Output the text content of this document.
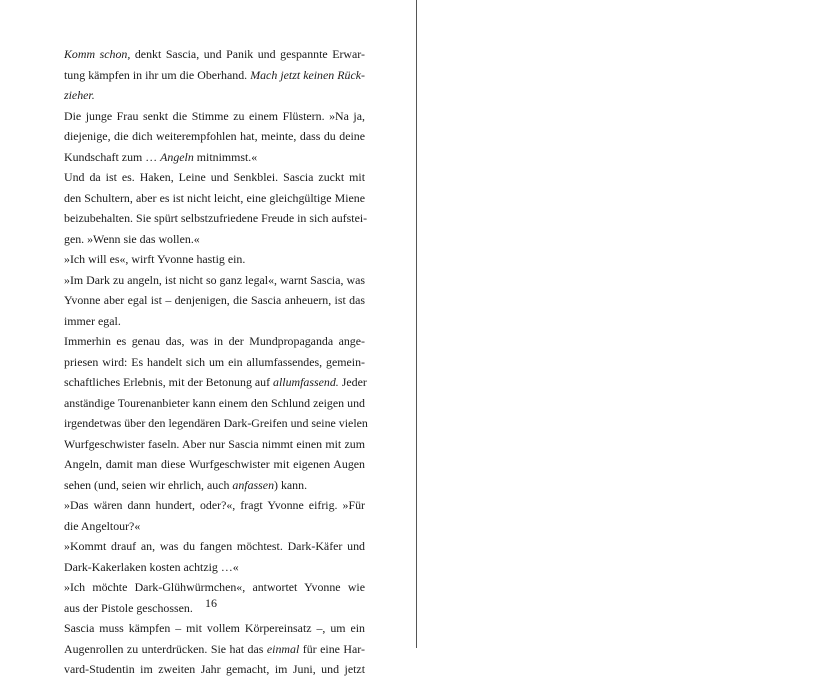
Komm schon, denkt Sascia, und Panik und gespannte Erwar-
tung kämpfen in ihr um die Oberhand. Mach jetzt keinen Rück-
zieher.
Die junge Frau senkt die Stimme zu einem Flüstern. »Na ja,
diejenige, die dich weiterempfohlen hat, meinte, dass du deine
Kundschaft zum … Angeln mitnimmst.«
Und da ist es. Haken, Leine und Senkblei. Sascia zuckt mit
den Schultern, aber es ist nicht leicht, eine gleichgültige Miene
beizubehalten. Sie spürt selbstzufriedene Freude in sich aufstei-
gen. »Wenn sie das wollen.«
»Ich will es«, wirft Yvonne hastig ein.
»Im Dark zu angeln, ist nicht so ganz legal«, warnt Sascia, was
Yvonne aber egal ist – denjenigen, die Sascia anheuern, ist das
immer egal.
Immerhin es genau das, was in der Mundpropaganda ange-
priesen wird: Es handelt sich um ein allumfassendes, gemein-
schaftliches Erlebnis, mit der Betonung auf allumfassend. Jeder
anständige Tourenanbieter kann einem den Schlund zeigen und
irgendetwas über den legendären Dark-Greifen und seine vielen
Wurfgeschwister faseln. Aber nur Sascia nimmt einen mit zum
Angeln, damit man diese Wurfgeschwister mit eigenen Augen
sehen (und, seien wir ehrlich, auch anfassen) kann.
»Das wären dann hundert, oder?«, fragt Yvonne eifrig. »Für
die Angeltour?«
»Kommt drauf an, was du fangen möchtest. Dark-Käfer und
Dark-Kakerlaken kosten achtzig …«
»Ich möchte Dark-Glühwürmchen«, antwortet Yvonne wie
aus der Pistole geschossen.
Sascia muss kämpfen – mit vollem Körpereinsatz –, um ein
Augenrollen zu unterdrücken. Sie hat das einmal für eine Har-
vard-Studentin im zweiten Jahr gemacht, im Juni, und jetzt
16
